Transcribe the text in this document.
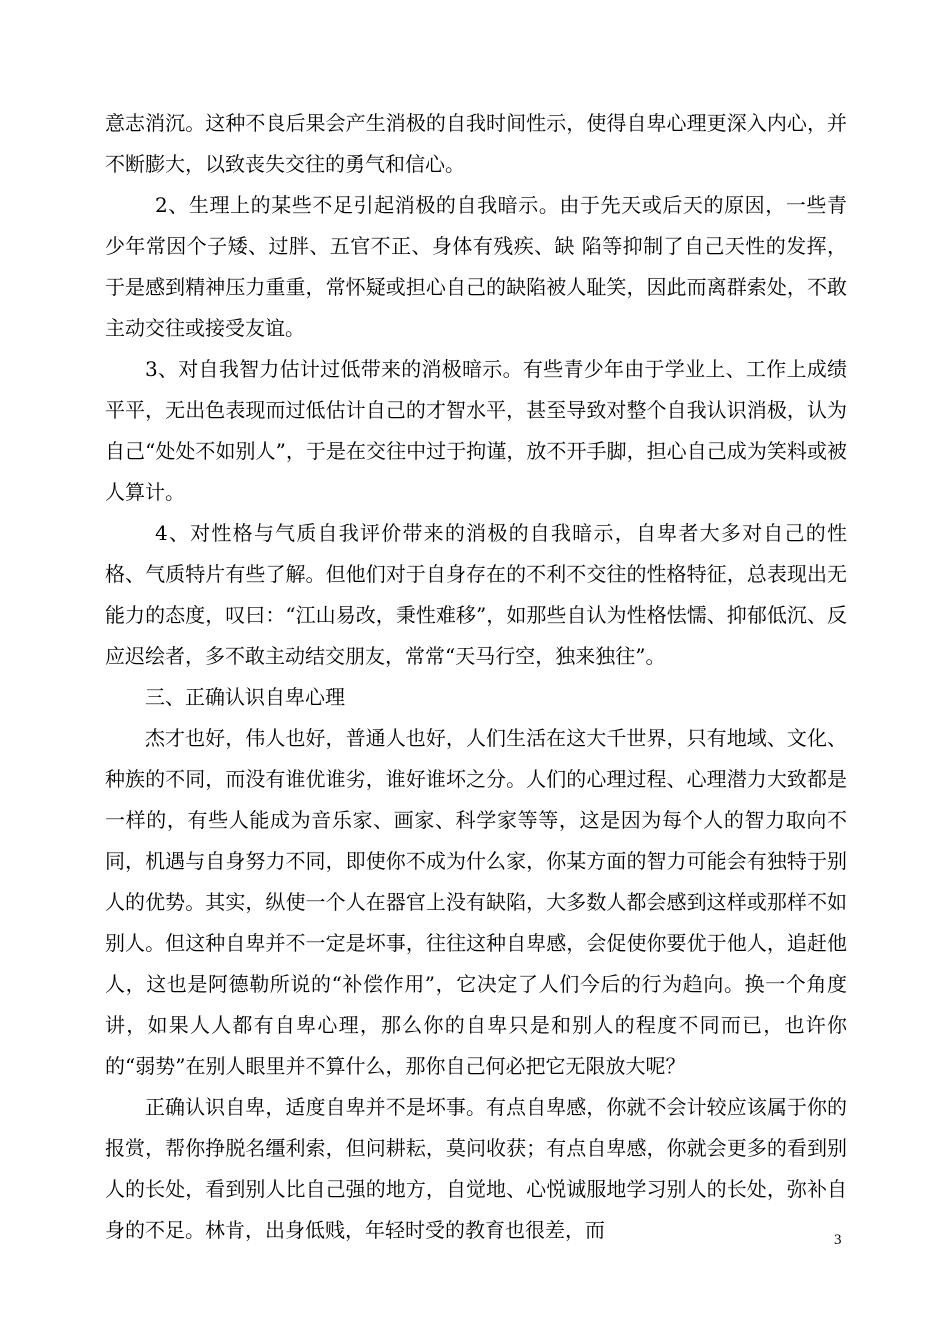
意志消沉。这种不良后果会产生消极的自我时间性示，使得自卑心理更深入内心，并不断膨大，以致丧失交往的勇气和信心。

2、生理上的某些不足引起消极的自我暗示。由于先天或后天的原因，一些青少年常因个子矮、过胖、五官不正、身体有残疾、缺 陷等抑制了自己天性的发挥，于是感到精神压力重重，常怀疑或担心自己的缺陷被人耻笑，因此而离群索处，不敢主动交往或接受友谊。

3、对自我智力估计过低带来的消极暗示。有些青少年由于学业上、工作上成绩平平，无出色表现而过低估计自己的才智水平，甚至导致对整个自我认识消极，认为自己“处处不如别人”，于是在交往中过于拘谨，放不开手脚，担心自己成为笑料或被人算计。

4、对性格与气质自我评价带来的消极的自我暗示，自卑者大多对自己的性格、气质特片有些了解。但他们对于自身存在的不利不交往的性格特征，总表现出无能力的态度，叹曰：“江山易改，秉性难移”，如那些自认为性格怯懦、抑郁低沉、反应迟绘者，多不敢主动结交朋友，常常“天马行空，独来独往”。

三、正确认识自卑心理

杰才也好，伟人也好，普通人也好，人们生活在这大千世界，只有地域、文化、种族的不同，而没有谁优谁劣，谁好谁坏之分。人们的心理过程、心理潜力大致都是一样的，有些人能成为音乐家、画家、科学家等等，这是因为每个人的智力取向不同，机遇与自身努力不同，即使你不成为什么家，你某方面的智力可能会有独特于别人的优势。其实，纵使一个人在器官上没有缺陷，大多数人都会感到这样或那样不如别人。但这种自卑并不一定是坏事，往往这种自卑感，会促使你要优于他人，追赶他人，这也是阿德勒所说的“补偿作用”，它决定了人们今后的行为趋向。换一个角度讲，如果人人都有自卑心理，那么你的自卑只是和别人的程度不同而已，也许你的“弱势”在别人眼里并不算什么，那你自己何必把它无限放大呢？

正确认识自卑，适度自卑并不是坏事。有点自卑感，你就不会计较应该属于你的报赏，帮你挣脱名缰利索，但问耕耘，莫问收获；有点自卑感，你就会更多的看到别人的长处，看到别人比自己强的地方，自觉地、心悦诚服地学习别人的长处，弥补自身的不足。林肯，出身低贱，年轻时受的教育也很差，而	3
